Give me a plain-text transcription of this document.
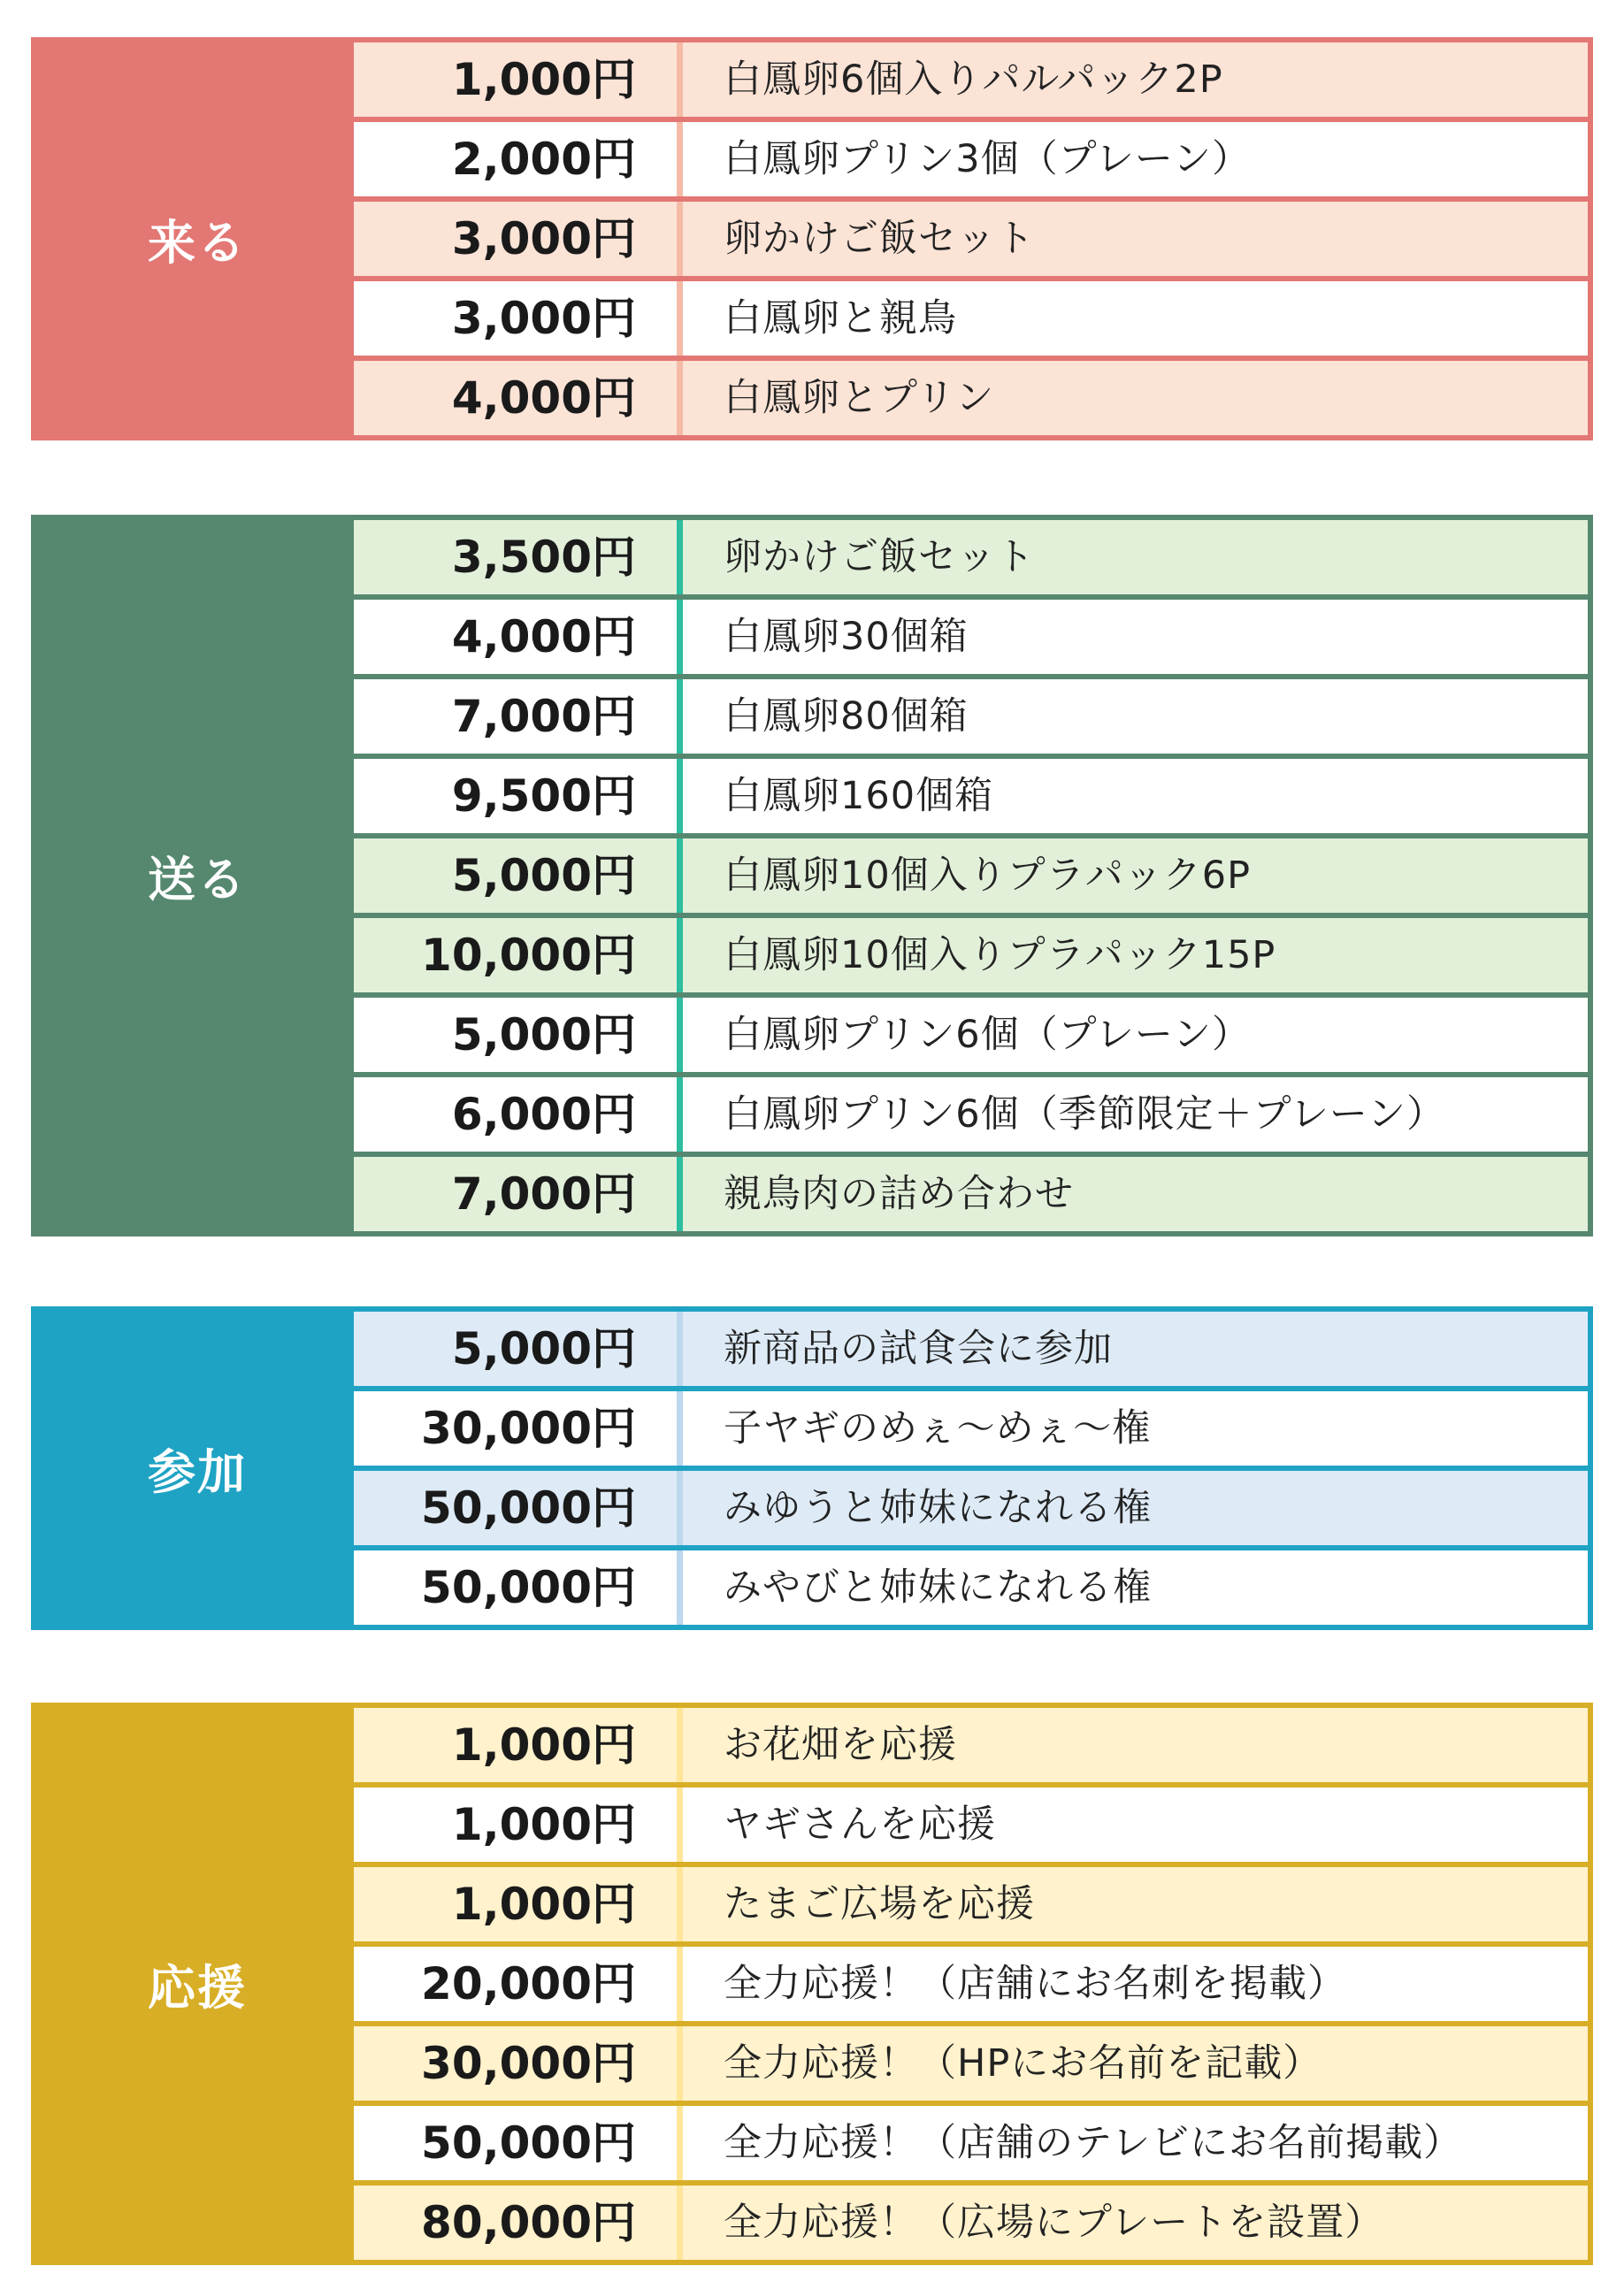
来る
1,000円	白鳳卵6個入りパルパック2P
2,000円	白鳳卵プリン3個（プレーン）
3,000円	卵かけご飯セット
3,000円	白鳳卵と親鳥
4,000円	白鳳卵とプリン
送る
3,500円	卵かけご飯セット
4,000円	白鳳卵30個箱
7,000円	白鳳卵80個箱
9,500円	白鳳卵160個箱
5,000円	白鳳卵10個入りプラパック6P
10,000円	白鳳卵10個入りプラパック15P
5,000円	白鳳卵プリン6個（プレーン）
6,000円	白鳳卵プリン6個（季節限定＋プレーン）
7,000円	親鳥肉の詰め合わせ
参加
5,000円	新商品の試食会に参加
30,000円	子ヤギのめぇ〜めぇ〜権
50,000円	みゆうと姉妹になれる権
50,000円	みやびと姉妹になれる権
応援
1,000円	お花畑を応援
1,000円	ヤギさんを応援
1,000円	たまご広場を応援
20,000円	全力応援！（店舗にお名刺を掲載）
30,000円	全力応援！（HPにお名前を記載）
50,000円	全力応援！（店舗のテレビにお名前掲載）
80,000円	全力応援！（広場にプレートを設置）
